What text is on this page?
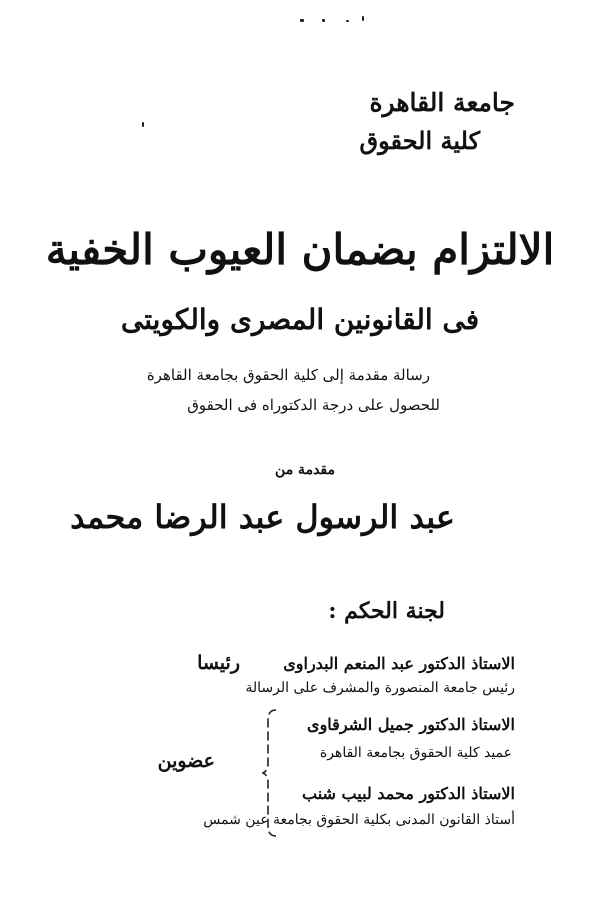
جامعة القاهرة
كلية الحقوق
الالتزام بضمان العيوب الخفية
فى القانونين المصرى والكويتى
رسالة مقدمة إلى كلية الحقوق بجامعة القاهرة
للحصول على درجة الدكتوراه فى الحقوق
مقدمة من
عبد الرسول عبد الرضا محمد
لجنة الحكم :
الاستاذ الدكتور عبد المنعم البدراوى
رئيس جامعة المنصورة والمشرف على الرسالة
رئيسا
الاستاذ الدكتور جميل الشرقاوى
عميد كلية الحقوق بجامعة القاهرة
الاستاذ الدكتور محمد لبيب شنب
أستاذ القانون المدنى بكلية الحقوق بجامعة عين شمس
عضوين
